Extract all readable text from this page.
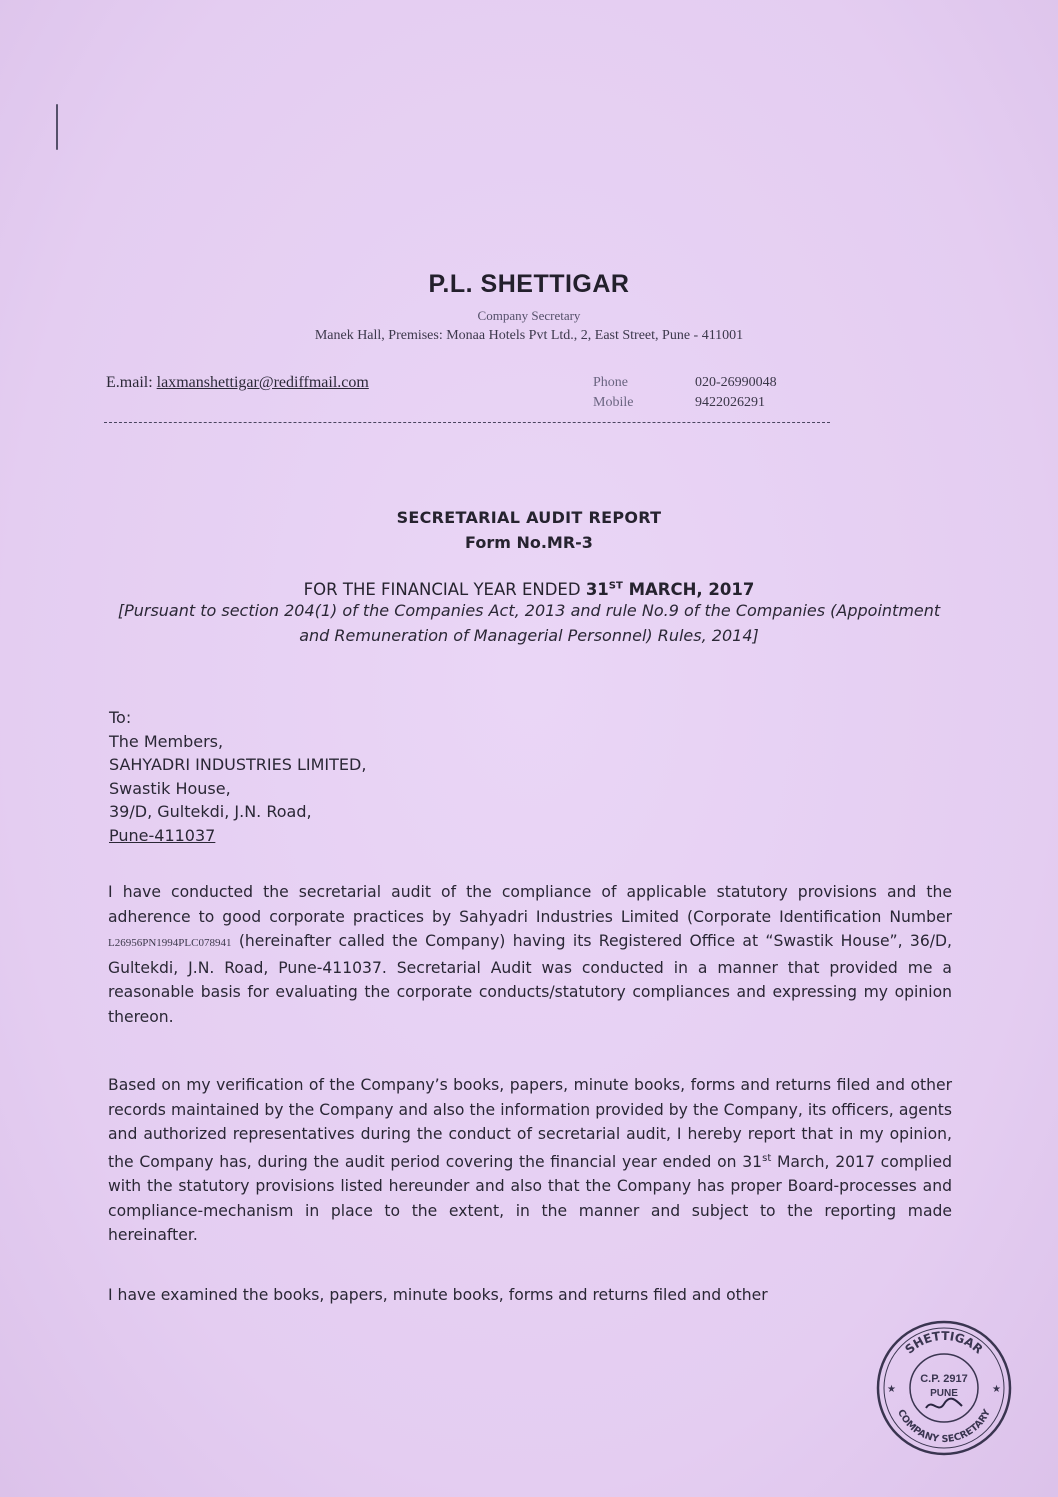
P.L. SHETTIGAR
Company Secretary
Manek Hall, Premises: Monaa Hotels Pvt Ltd., 2, East Street, Pune - 411001
E.mail: laxmanshettigar@rediffmail.com	Phone
Mobile
020-26990048
9422026291
SECRETARIAL AUDIT REPORT
Form No.MR-3
FOR THE FINANCIAL YEAR ENDED 31ST MARCH, 2017
[Pursuant to section 204(1) of the Companies Act, 2013 and rule No.9 of the Companies (Appointment and Remuneration of Managerial Personnel) Rules, 2014]
To:
The Members,
SAHYADRI INDUSTRIES LIMITED,
Swastik House,
39/D, Gultekdi, J.N. Road,
Pune-411037
I have conducted the secretarial audit of the compliance of applicable statutory provisions and the adherence to good corporate practices by Sahyadri Industries Limited (Corporate Identification Number L26956PN1994PLC078941 (hereinafter called the Company) having its Registered Office at “Swastik House”, 36/D, Gultekdi, J.N. Road, Pune-411037. Secretarial Audit was conducted in a manner that provided me a reasonable basis for evaluating the corporate conducts/statutory compliances and expressing my opinion thereon.
Based on my verification of the Company’s books, papers, minute books, forms and returns filed and other records maintained by the Company and also the information provided by the Company, its officers, agents and authorized representatives during the conduct of secretarial audit, I hereby report that in my opinion, the Company has, during the audit period covering the financial year ended on 31st March, 2017 complied with the statutory provisions listed hereunder and also that the Company has proper Board-processes and compliance-mechanism in place to the extent, in the manner and subject to the reporting made hereinafter.
I have examined the books, papers, minute books, forms and returns filed and other
SHETTIGAR
COMPANY SECRETARY
★	★
C.P. 2917
PUNE
